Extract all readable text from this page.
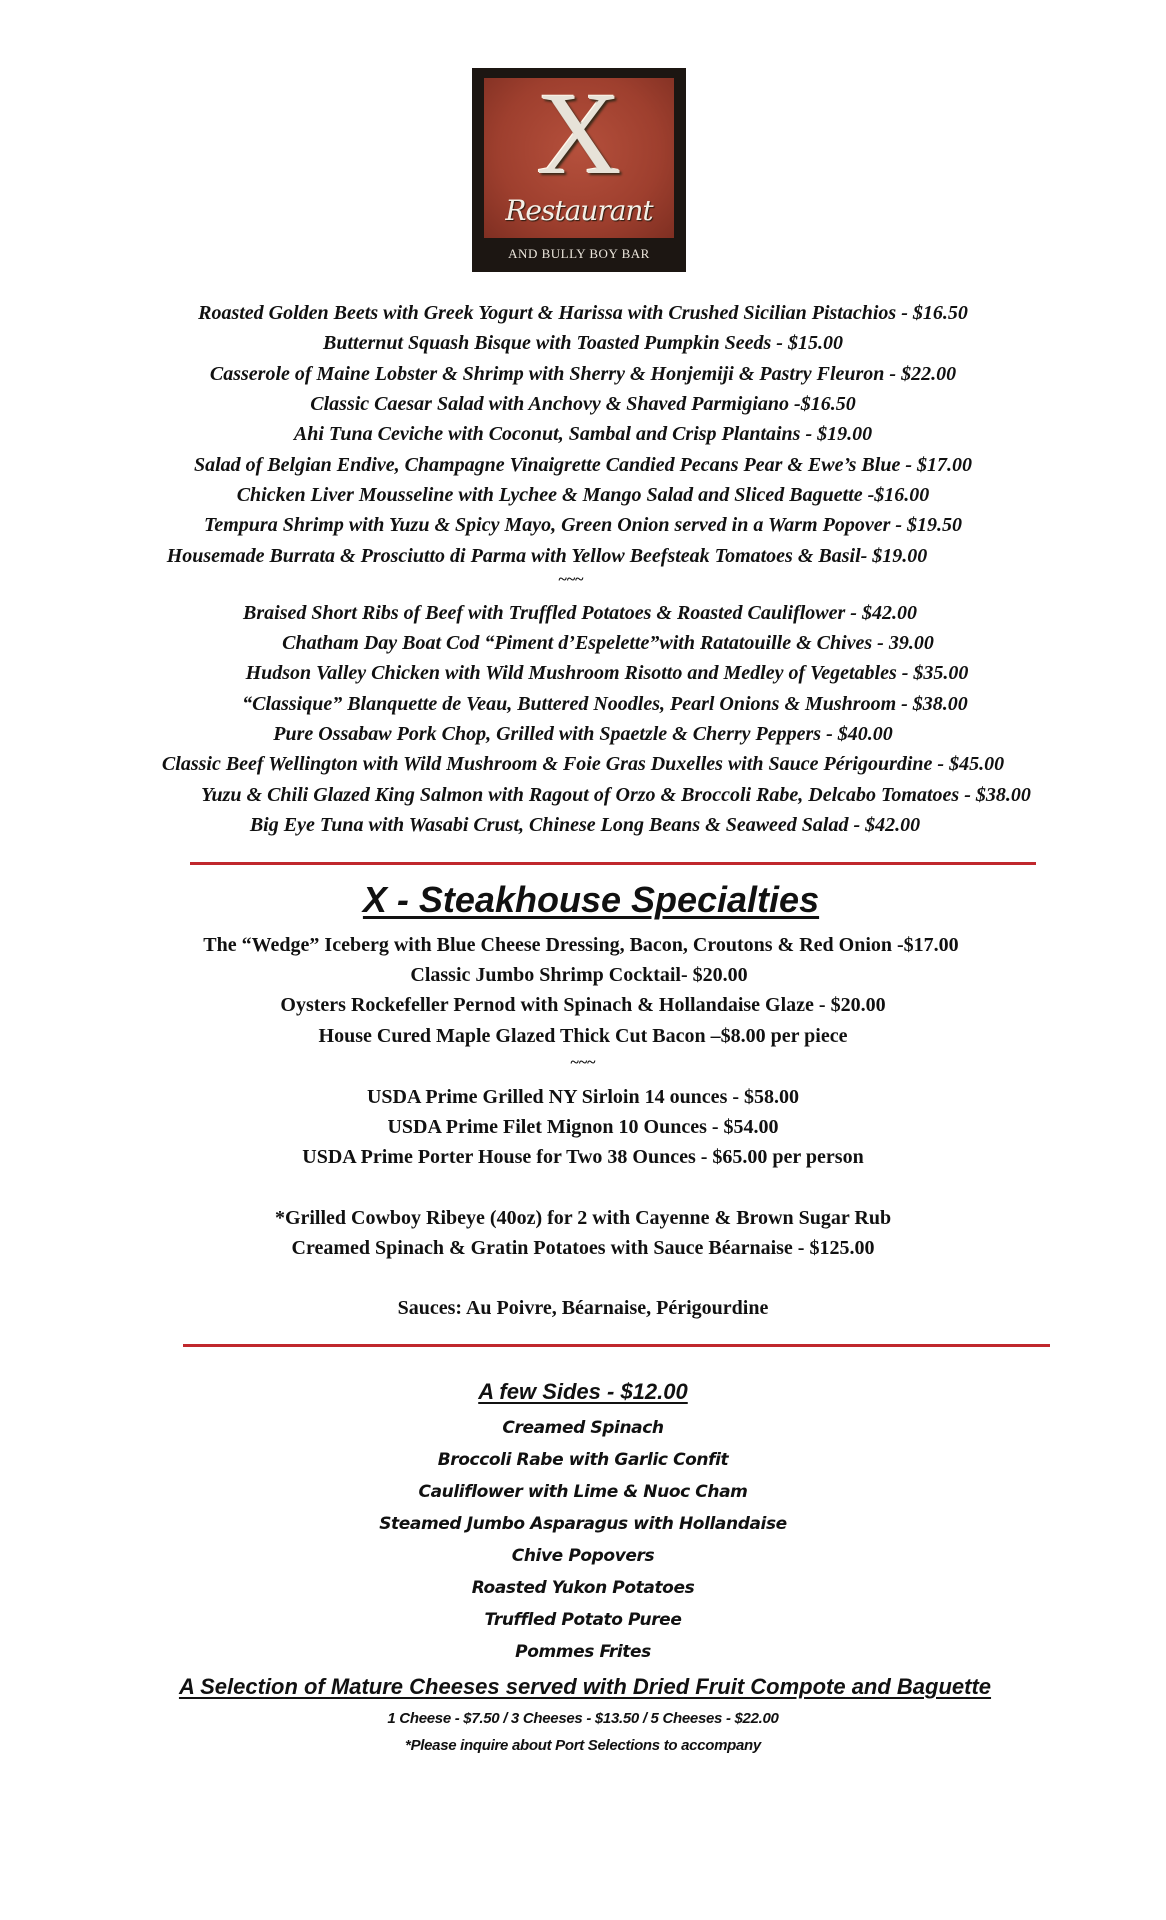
X
Restaurant
AND BULLY BOY BAR
Roasted Golden Beets with Greek Yogurt & Harissa with Crushed Sicilian Pistachios - $16.50
Butternut Squash Bisque with Toasted Pumpkin Seeds - $15.00
Casserole of Maine Lobster & Shrimp with Sherry & Honjemiji & Pastry Fleuron - $22.00
Classic Caesar Salad with Anchovy & Shaved Parmigiano -$16.50
Ahi Tuna Ceviche with Coconut, Sambal and Crisp Plantains - $19.00
Salad of Belgian Endive, Champagne Vinaigrette Candied Pecans Pear & Ewe’s Blue - $17.00
Chicken Liver Mousseline with Lychee & Mango Salad and Sliced Baguette -$16.00
Tempura Shrimp with Yuzu & Spicy Mayo, Green Onion served in a Warm Popover - $19.50
Housemade Burrata & Prosciutto di Parma with Yellow Beefsteak Tomatoes & Basil- $19.00
~~~
Braised Short Ribs of Beef with Truffled Potatoes & Roasted Cauliflower - $42.00
Chatham Day Boat Cod “Piment d’Espelette”with Ratatouille & Chives - 39.00
Hudson Valley Chicken with Wild Mushroom Risotto and Medley of Vegetables - $35.00
“Classique” Blanquette de Veau, Buttered Noodles, Pearl Onions & Mushroom - $38.00
Pure Ossabaw Pork Chop, Grilled with Spaetzle & Cherry Peppers - $40.00
Classic Beef Wellington with Wild Mushroom & Foie Gras Duxelles with Sauce Périgourdine - $45.00
Yuzu & Chili Glazed King Salmon with Ragout of Orzo & Broccoli Rabe, Delcabo Tomatoes - $38.00
Big Eye Tuna with Wasabi Crust, Chinese Long Beans & Seaweed Salad - $42.00
X - Steakhouse Specialties
The “Wedge” Iceberg with Blue Cheese Dressing, Bacon, Croutons & Red Onion -$17.00
Classic Jumbo Shrimp Cocktail- $20.00
Oysters Rockefeller Pernod with Spinach & Hollandaise Glaze - $20.00
House Cured Maple Glazed Thick Cut Bacon –$8.00 per piece
~~~
USDA Prime Grilled NY Sirloin 14 ounces - $58.00
USDA Prime Filet Mignon 10 Ounces - $54.00
USDA Prime Porter House for Two 38 Ounces - $65.00 per person
*Grilled Cowboy Ribeye (40oz) for 2 with Cayenne & Brown Sugar Rub
Creamed Spinach & Gratin Potatoes with Sauce Béarnaise - $125.00
Sauces: Au Poivre, Béarnaise, Périgourdine
A few Sides - $12.00
Creamed Spinach
Broccoli Rabe with Garlic Confit
Cauliflower with Lime & Nuoc Cham
Steamed Jumbo Asparagus with Hollandaise
Chive Popovers
Roasted Yukon Potatoes
Truffled Potato Puree
Pommes Frites
A Selection of Mature Cheeses served with Dried Fruit Compote and Baguette
1 Cheese - $7.50 / 3 Cheeses - $13.50 / 5 Cheeses - $22.00
*Please inquire about Port Selections to accompany
